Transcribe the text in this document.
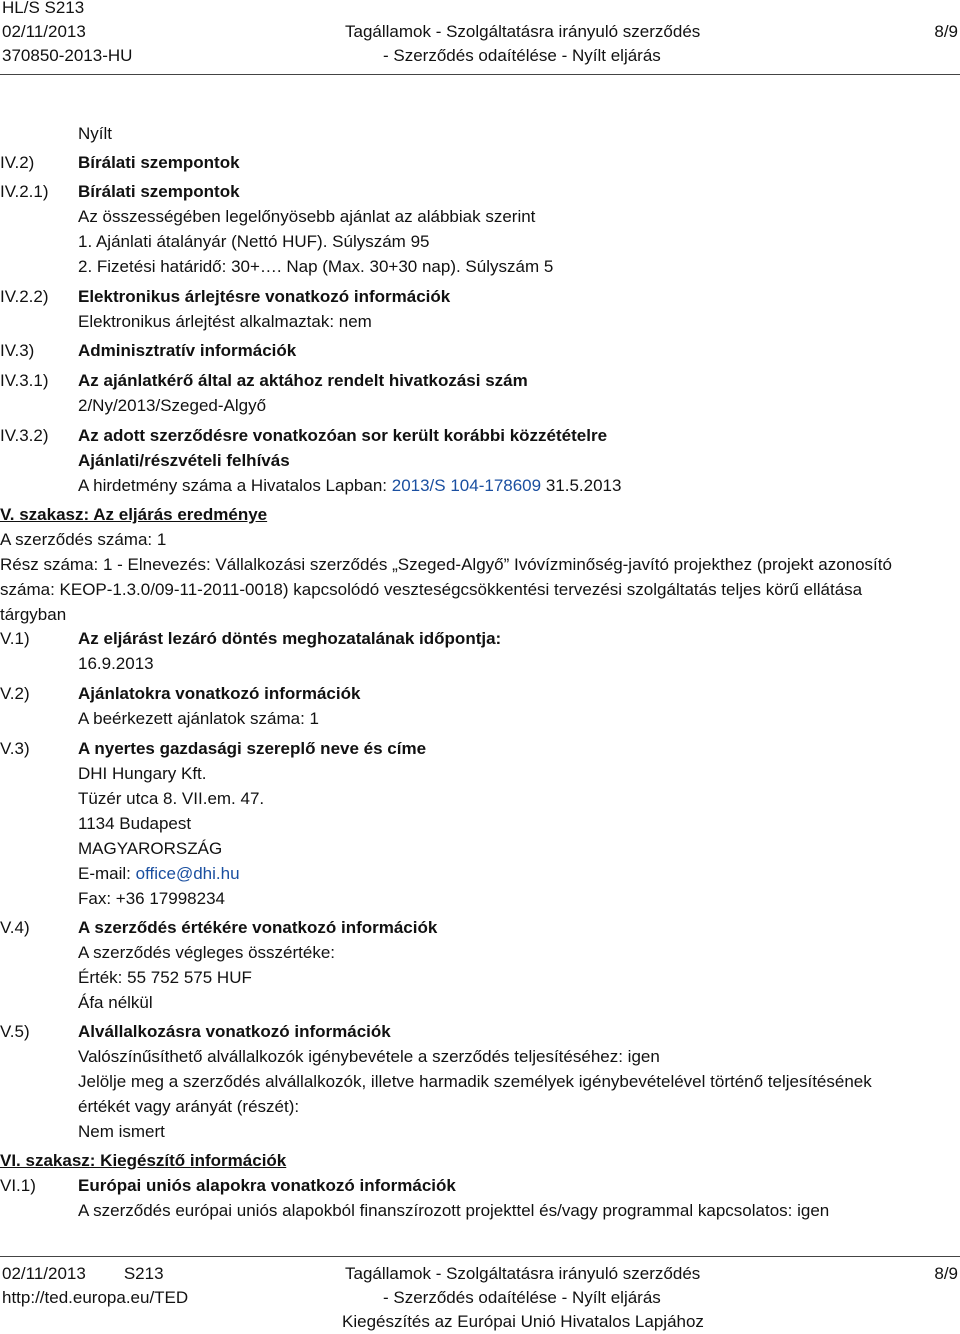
HL/S S213
02/11/2013
370850-2013-HU
Tagállamok - Szolgáltatásra irányuló szerződés
- Szerződés odaítélése - Nyílt eljárás
8/9
Nyílt
IV.2)	Bírálati szempontok
IV.2.1)	Bírálati szempontok
Az összességében legelőnyösebb ajánlat az alábbiak szerint
1. Ajánlati átalányár (Nettó HUF). Súlyszám 95
2. Fizetési határidő: 30+…. Nap (Max. 30+30 nap). Súlyszám 5
IV.2.2)	Elektronikus árlejtésre vonatkozó információk
Elektronikus árlejtést alkalmaztak: nem
IV.3)	Adminisztratív információk
IV.3.1)	Az ajánlatkérő által az aktához rendelt hivatkozási szám
2/Ny/2013/Szeged-Algyő
IV.3.2)	Az adott szerződésre vonatkozóan sor került korábbi közzétételre
Ajánlati/részvételi felhívás
A hirdetmény száma a Hivatalos Lapban: 2013/S 104-178609 31.5.2013
V. szakasz: Az eljárás eredménye
A szerződés száma: 1
Rész száma: 1 - Elnevezés: Vállalkozási szerződés „Szeged-Algyő” Ivóvízminőség-javító projekthez (projekt azonosító
száma: KEOP-1.3.0/09-11-2011-0018) kapcsolódó veszteségcsökkentési tervezési szolgáltatás teljes körű ellátása
tárgyban
V.1)	Az eljárást lezáró döntés meghozatalának időpontja:
16.9.2013
V.2)	Ajánlatokra vonatkozó információk
A beérkezett ajánlatok száma: 1
V.3)	A nyertes gazdasági szereplő neve és címe
DHI Hungary Kft.
Tüzér utca 8. VII.em. 47.
1134 Budapest
MAGYARORSZÁG
E-mail: office@dhi.hu
Fax: +36 17998234
V.4)	A szerződés értékére vonatkozó információk
A szerződés végleges összértéke:
Érték: 55 752 575 HUF
Áfa nélkül
V.5)	Alvállalkozásra vonatkozó információk
Valószínűsíthető alvállalkozók igénybevétele a szerződés teljesítéséhez: igen
Jelölje meg a szerződés alvállalkozók, illetve harmadik személyek igénybevételével történő teljesítésének
értékét vagy arányát (részét):
Nem ismert
VI. szakasz: Kiegészítő információk
VI.1)	Európai uniós alapokra vonatkozó információk
A szerződés európai uniós alapokból finanszírozott projekttel és/vagy programmal kapcsolatos: igen
02/11/2013 S213
http://ted.europa.eu/TED
Tagállamok - Szolgáltatásra irányuló szerződés
- Szerződés odaítélése - Nyílt eljárás
Kiegészítés az Európai Unió Hivatalos Lapjához
8/9
